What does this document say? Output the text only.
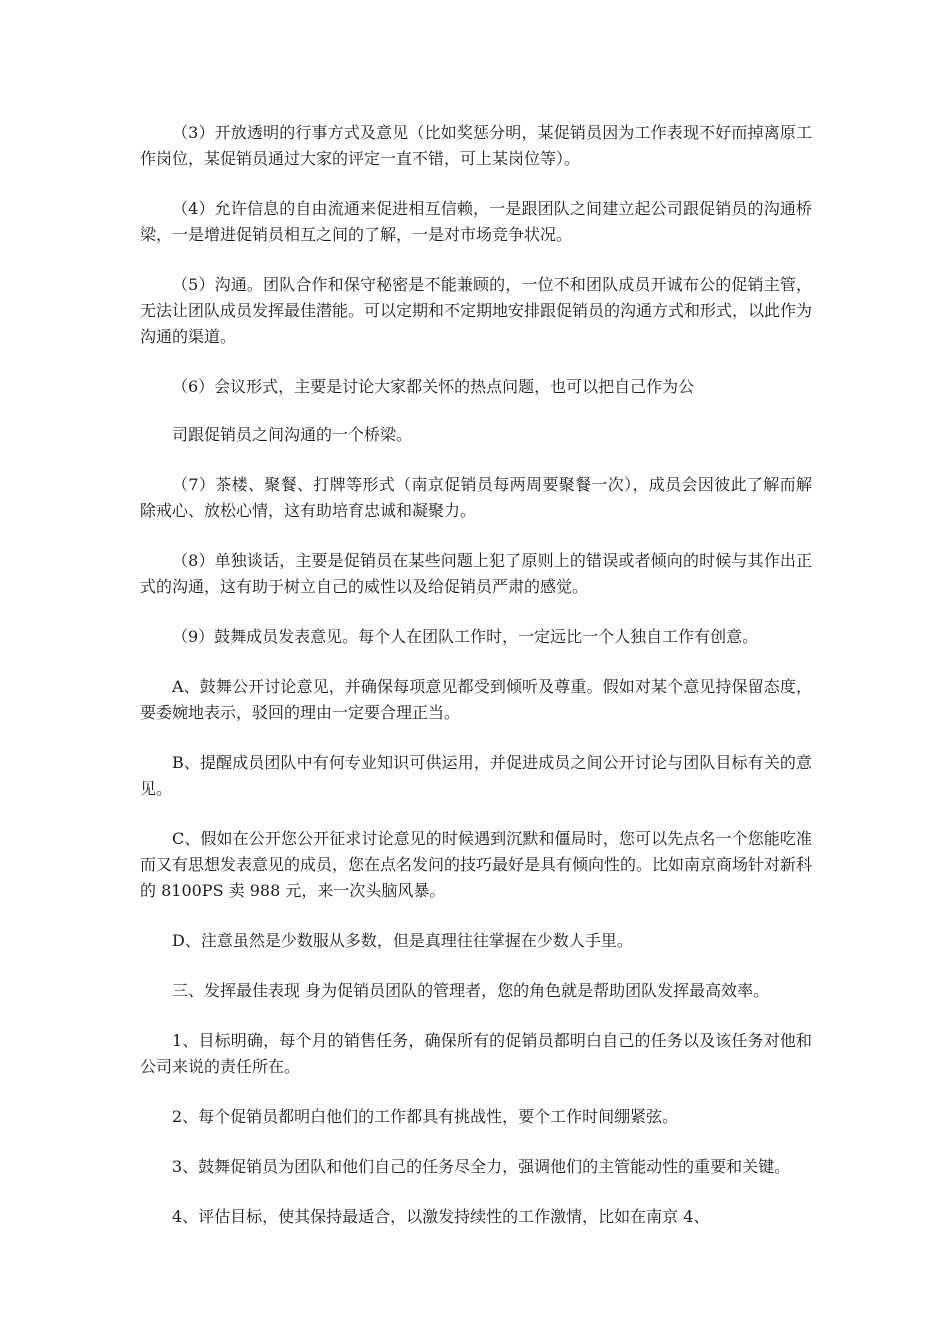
（3）开放透明的行事方式及意见（比如奖惩分明，某促销员因为工作表现不好而掉离原工作岗位，某促销员通过大家的评定一直不错，可上某岗位等）。

（4）允许信息的自由流通来促进相互信赖，一是跟团队之间建立起公司跟促销员的沟通桥梁，一是增进促销员相互之间的了解，一是对市场竞争状况。

（5）沟通。团队合作和保守秘密是不能兼顾的，一位不和团队成员开诚布公的促销主管，无法让团队成员发挥最佳潜能。可以定期和不定期地安排跟促销员的沟通方式和形式，以此作为沟通的渠道。

（6）会议形式，主要是讨论大家都关怀的热点问题，也可以把自己作为公

司跟促销员之间沟通的一个桥梁。

（7）茶楼、聚餐、打牌等形式（南京促销员每两周要聚餐一次），成员会因彼此了解而解除戒心、放松心情，这有助培育忠诚和凝聚力。

（8）单独谈话，主要是促销员在某些问题上犯了原则上的错误或者倾向的时候与其作出正式的沟通，这有助于树立自己的威性以及给促销员严肃的感觉。

（9）鼓舞成员发表意见。每个人在团队工作时，一定远比一个人独自工作有创意。

A、鼓舞公开讨论意见，并确保每项意见都受到倾听及尊重。假如对某个意见持保留态度，要委婉地表示，驳回的理由一定要合理正当。

B、提醒成员团队中有何专业知识可供运用，并促进成员之间公开讨论与团队目标有关的意见。

C、假如在公开您公开征求讨论意见的时候遇到沉默和僵局时，您可以先点名一个您能吃准而又有思想发表意见的成员，您在点名发问的技巧最好是具有倾向性的。比如南京商场针对新科的 8100PS 卖 988 元，来一次头脑风暴。

D、注意虽然是少数服从多数，但是真理往往掌握在少数人手里。

三、发挥最佳表现 身为促销员团队的管理者，您的角色就是帮助团队发挥最高效率。

1、目标明确，每个月的销售任务，确保所有的促销员都明白自己的任务以及该任务对他和公司来说的责任所在。

2、每个促销员都明白他们的工作都具有挑战性，要个工作时间绷紧弦。

3、鼓舞促销员为团队和他们自己的任务尽全力，强调他们的主管能动性的重要和关键。

4、评估目标，使其保持最适合，以激发持续性的工作激情，比如在南京 4、
